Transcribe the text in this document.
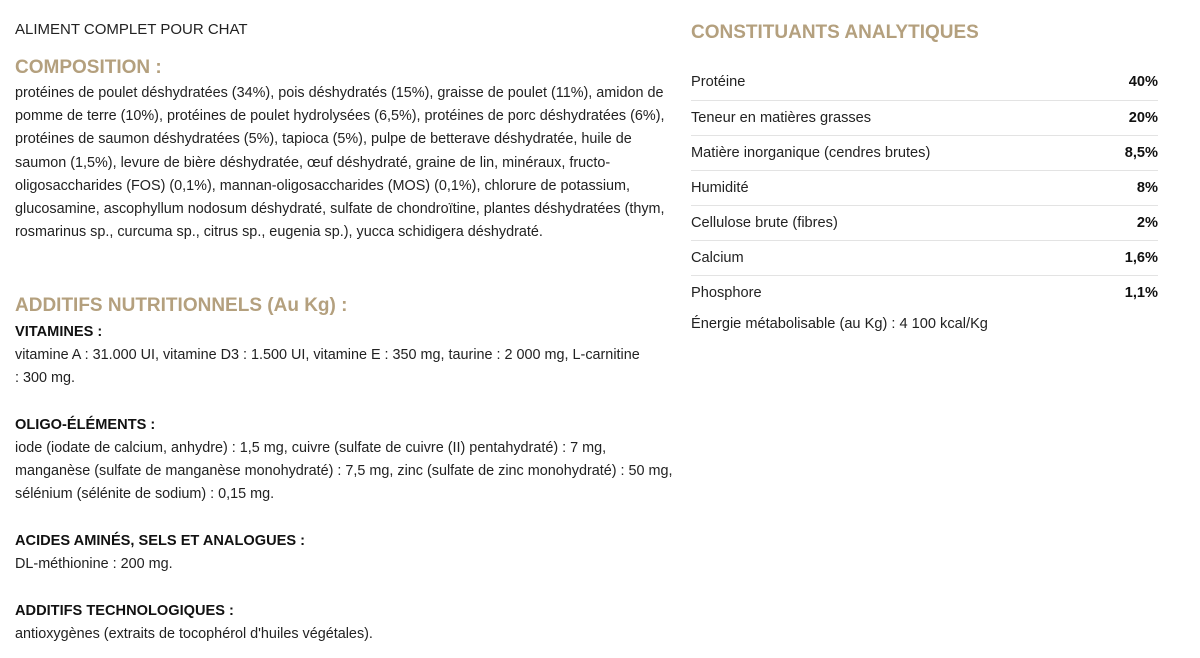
ALIMENT COMPLET POUR CHAT
COMPOSITION :
protéines de poulet déshydratées (34%), pois déshydratés (15%), graisse de poulet (11%), amidon de pomme de terre (10%), protéines de poulet hydrolysées (6,5%), protéines de porc déshydratées (6%), protéines de saumon déshydratées (5%), tapioca (5%), pulpe de betterave déshydratée, huile de saumon (1,5%), levure de bière déshydratée, œuf déshydraté, graine de lin, minéraux, fructo-oligosaccharides (FOS) (0,1%), mannan-oligosaccharides (MOS) (0,1%), chlorure de potassium, glucosamine, ascophyllum nodosum déshydraté, sulfate de chondroïtine, plantes déshydratées (thym, rosmarinus sp., curcuma sp., citrus sp., eugenia sp.), yucca schidigera déshydraté.
ADDITIFS NUTRITIONNELS (Au Kg) :
VITAMINES :
vitamine A : 31.000 UI, vitamine D3 : 1.500 UI, vitamine E : 350 mg, taurine : 2 000 mg, L-carnitine : 300 mg.
OLIGO-ÉLÉMENTS :
iode (iodate de calcium, anhydre) : 1,5 mg, cuivre (sulfate de cuivre (II) pentahydraté) : 7 mg, manganèse (sulfate de manganèse monohydraté) : 7,5 mg, zinc (sulfate de zinc monohydraté) : 50 mg, sélénium (sélénite de sodium) : 0,15 mg.
ACIDES AMINÉS, SELS ET ANALOGUES :
DL-méthionine : 200 mg.
ADDITIFS TECHNOLOGIQUES :
antioxygènes (extraits de tocophérol d'huiles végétales).
CONSTITUANTS ANALYTIQUES
Protéine	40%
Teneur en matières grasses	20%
Matière inorganique (cendres brutes)	8,5%
Humidité	8%
Cellulose brute (fibres)	2%
Calcium	1,6%
Phosphore	1,1%
Énergie métabolisable (au Kg) : 4 100 kcal/Kg
